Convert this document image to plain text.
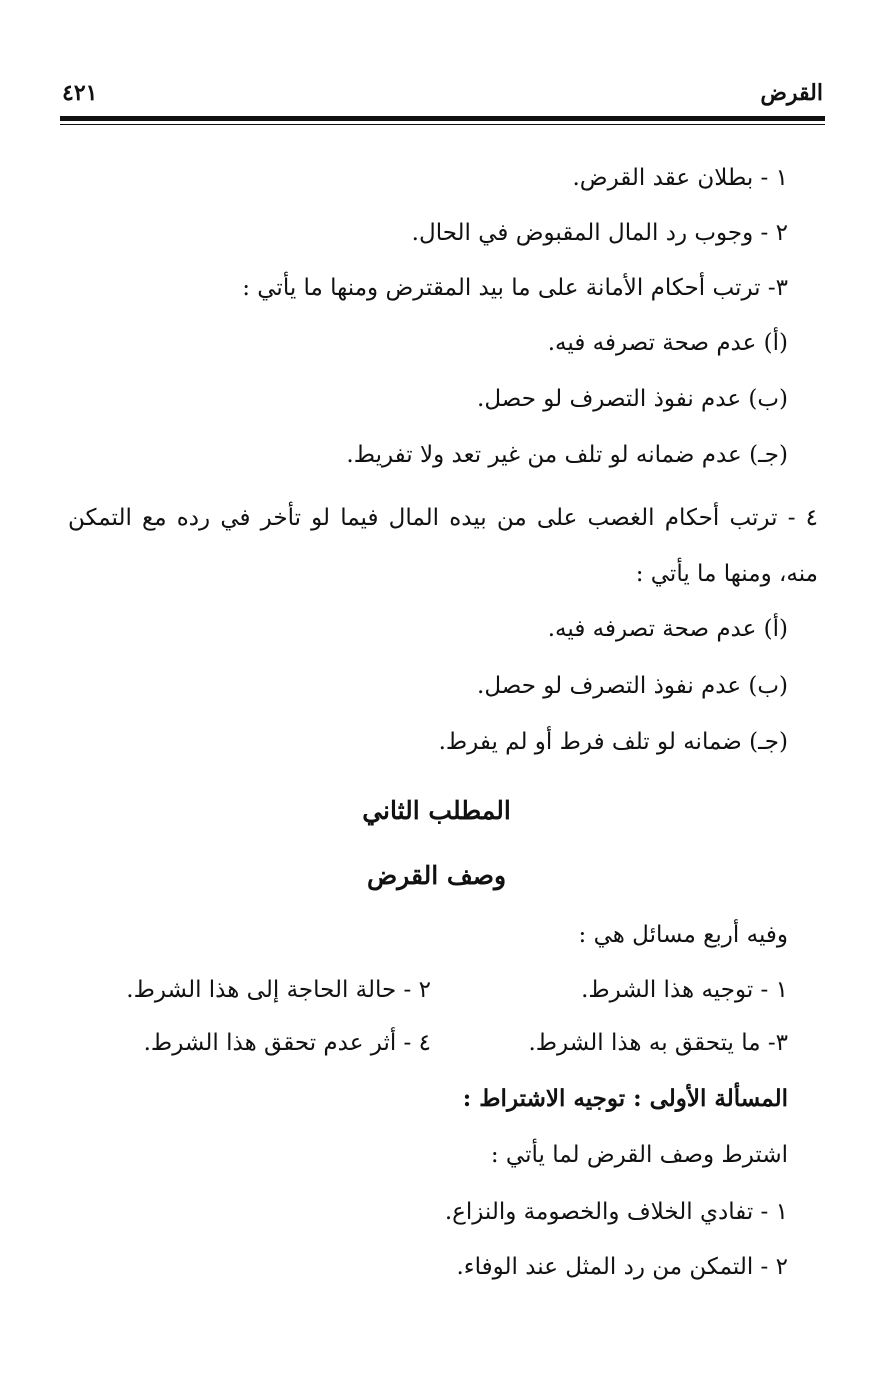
القرض
٤٢١
١ - بطلان عقد القرض.
٢ - وجوب رد المال المقبوض في الحال.
٣- ترتب أحكام الأمانة على ما بيد المقترض ومنها ما يأتي :
(أ) عدم صحة تصرفه فيه.
(ب) عدم نفوذ التصرف لو حصل.
(جـ) عدم ضمانه لو تلف من غير تعد ولا تفريط.
٤ - ترتب أحكام الغصب على من بيده المال فيما لو تأخر في رده مع التمكن
منه، ومنها ما يأتي :
(أ) عدم صحة تصرفه فيه.
(ب) عدم نفوذ التصرف لو حصل.
(جـ) ضمانه لو تلف فرط أو لم يفرط.
المطلب الثاني
وصف القرض
وفيه أربع مسائل هي :
١ - توجيه هذا الشرط.
٢ - حالة الحاجة إلى هذا الشرط.
٣- ما يتحقق به هذا الشرط.
٤ - أثر عدم تحقق هذا الشرط.
المسألة الأولى : توجيه الاشتراط :
اشترط وصف القرض لما يأتي :
١ - تفادي الخلاف والخصومة والنزاع.
٢ - التمكن من رد المثل عند الوفاء.
